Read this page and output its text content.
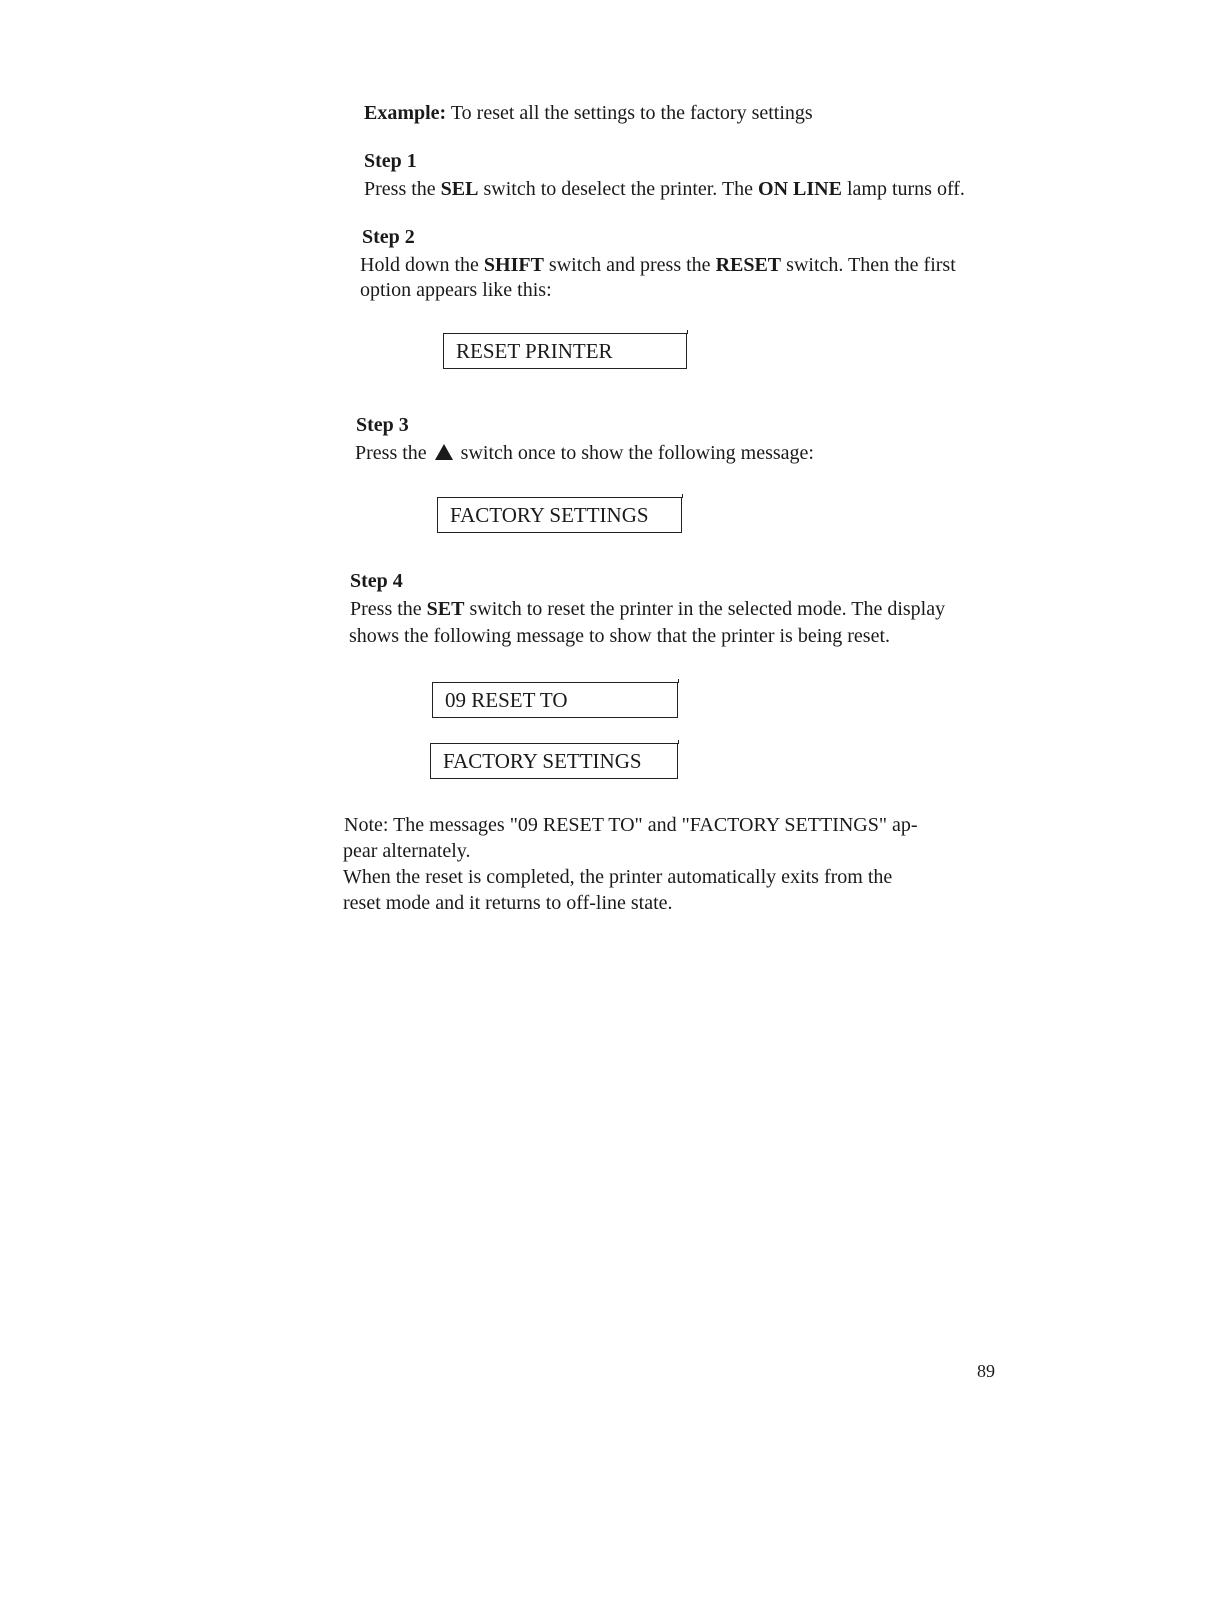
Example: To reset all the settings to the factory settings
Step 1
Press the SEL switch to deselect the printer. The ON LINE lamp turns off.
Step 2
Hold down the SHIFT switch and press the RESET switch. Then the first
option appears like this:
RESET PRINTER
Step 3
Press the  switch once to show the following message:
FACTORY SETTINGS
Step 4
Press the SET switch to reset the printer in the selected mode. The display
shows the following message to show that the printer is being reset.
09 RESET TO
FACTORY SETTINGS
Note: The messages "09 RESET TO" and "FACTORY SETTINGS" ap-
pear alternately.
When the reset is completed, the printer automatically exits from the
reset mode and it returns to off-line state.
89
